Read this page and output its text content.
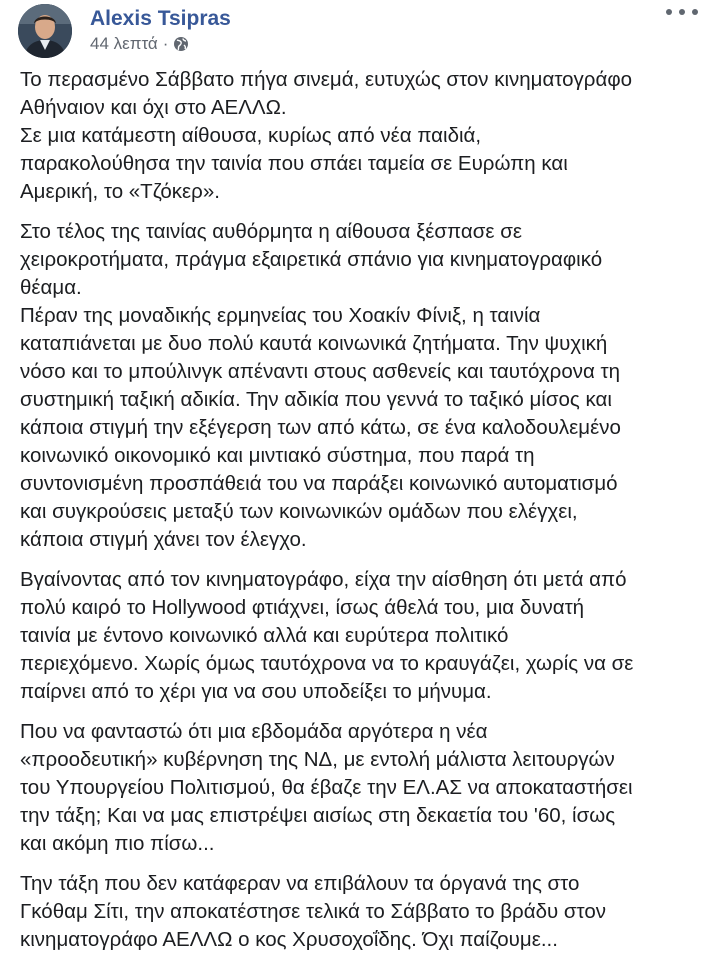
Alexis Tsipras
44 λεπτά ·

Το περασμένο Σάββατο πήγα σινεμά, ευτυχώς στον κινηματογράφο
Αθήναιον και όχι στο ΑΕΛΛΩ.
Σε μια κατάμεστη αίθουσα, κυρίως από νέα παιδιά,
παρακολούθησα την ταινία που σπάει ταμεία σε Ευρώπη και
Αμερική, το «Τζόκερ».

Στο τέλος της ταινίας αυθόρμητα η αίθουσα ξέσπασε σε
χειροκροτήματα, πράγμα εξαιρετικά σπάνιο για κινηματογραφικό
θέαμα.
Πέραν της μοναδικής ερμηνείας του Χοακίν Φίνιξ, η ταινία
καταπιάνεται με δυο πολύ καυτά κοινωνικά ζητήματα. Την ψυχική
νόσο και το μπούλινγκ απέναντι στους ασθενείς και ταυτόχρονα τη
συστημική ταξική αδικία. Την αδικία που γεννά το ταξικό μίσος και
κάποια στιγμή την εξέγερση των από κάτω, σε ένα καλοδουλεμένο
κοινωνικό οικονομικό και μιντιακό σύστημα, που παρά τη
συντονισμένη προσπάθειά του να παράξει κοινωνικό αυτοματισμό
και συγκρούσεις μεταξύ των κοινωνικών ομάδων που ελέγχει,
κάποια στιγμή χάνει τον έλεγχο.

Βγαίνοντας από τον κινηματογράφο, είχα την αίσθηση ότι μετά από
πολύ καιρό το Hollywood φτιάχνει, ίσως άθελά του, μια δυνατή
ταινία με έντονο κοινωνικό αλλά και ευρύτερα πολιτικό
περιεχόμενο. Χωρίς όμως ταυτόχρονα να το κραυγάζει, χωρίς να σε
παίρνει από το χέρι για να σου υποδείξει το μήνυμα.

Που να φανταστώ ότι μια εβδομάδα αργότερα η νέα
«προοδευτική» κυβέρνηση της ΝΔ, με εντολή μάλιστα λειτουργών
του Υπουργείου Πολιτισμού, θα έβαζε την ΕΛ.ΑΣ να αποκαταστήσει
την τάξη; Και να μας επιστρέψει αισίως στη δεκαετία του '60, ίσως
και ακόμη πιο πίσω...

Την τάξη που δεν κατάφεραν να επιβάλουν τα όργανά της στο
Γκόθαμ Σίτι, την αποκατέστησε τελικά το Σάββατο το βράδυ στον
κινηματογράφο ΑΕΛΛΩ ο κος Χρυσοχοΐδης. Όχι παίζουμε...
